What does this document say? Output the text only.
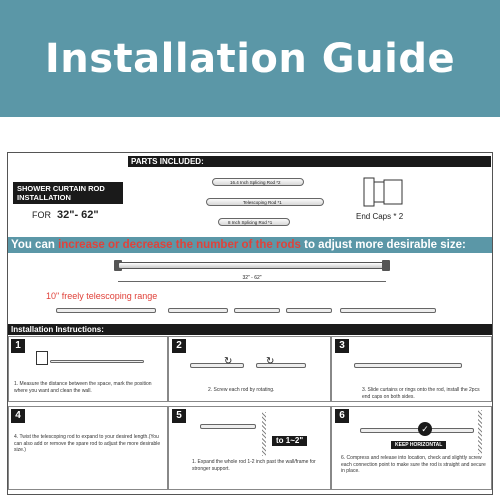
Installation Guide
PARTS INCLUDED:
SHOWER CURTAIN ROD INSTALLATION
FOR 32"- 62"
16.4 Inch Splicing Rod *2
Telescoping Rod *1
8 Inch Splicing Rod *1
End Caps * 2
You can increase or decrease the number of the rods to adjust more desirable size:
32" - 62"
10" freely telescoping range
Installation Instructions:
1
1. Measure the distance between the space, mark the position where you want and clean the wall.
2
↻	↻
2. Screw each rod by rotating.
3
3. Slide curtains or rings onto the rod, install the 2pcs end caps on both sides.
4
4. Twist the telescoping rod to expand to your desired length.(You can also add or remove the spare rod to adjust the more desirable size.)
5
to 1~2"
1. Expand the whole rod 1-2 inch past the wall/frame for stronger support.
6
✓
KEEP HORIZONTAL
6. Compress and release into location, check and slightly screw each connection point to make sure the rod is straight and secure in place.
